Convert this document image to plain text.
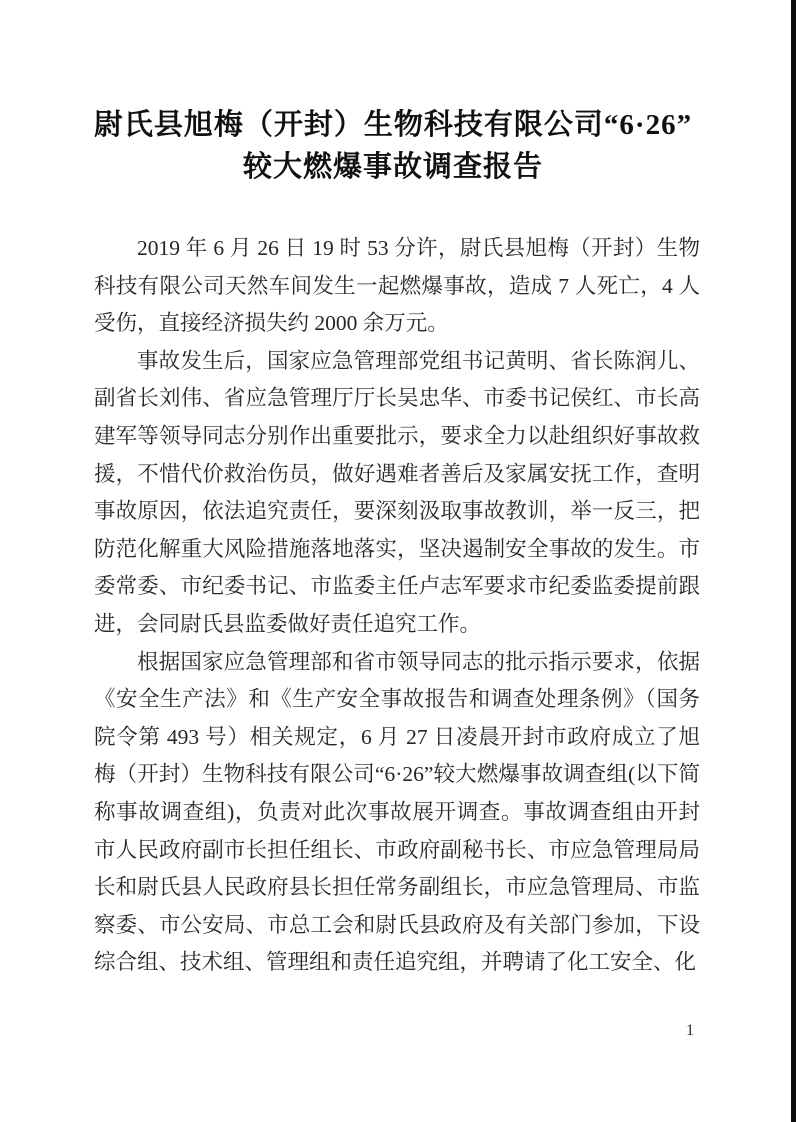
尉氏县旭梅（开封）生物科技有限公司“6·26”
较大燃爆事故调查报告

2019 年 6 月 26 日 19 时 53 分许，尉氏县旭梅（开封）生物科技有限公司天然车间发生一起燃爆事故，造成 7 人死亡，4 人受伤，直接经济损失约 2000 余万元。

事故发生后，国家应急管理部党组书记黄明、省长陈润儿、副省长刘伟、省应急管理厅厅长吴忠华、市委书记侯红、市长高建军等领导同志分别作出重要批示，要求全力以赴组织好事故救援，不惜代价救治伤员，做好遇难者善后及家属安抚工作，查明事故原因，依法追究责任，要深刻汲取事故教训，举一反三，把防范化解重大风险措施落地落实，坚决遏制安全事故的发生。市委常委、市纪委书记、市监委主任卢志军要求市纪委监委提前跟进，会同尉氏县监委做好责任追究工作。

根据国家应急管理部和省市领导同志的批示指示要求，依据《安全生产法》和《生产安全事故报告和调查处理条例》（国务院令第 493 号）相关规定，6 月 27 日凌晨开封市政府成立了旭梅（开封）生物科技有限公司“6·26”较大燃爆事故调查组(以下简称事故调查组)，负责对此次事故展开调查。事故调查组由开封市人民政府副市长担任组长、市政府副秘书长、市应急管理局局长和尉氏县人民政府县长担任常务副组长，市应急管理局、市监察委、市公安局、市总工会和尉氏县政府及有关部门参加，下设综合组、技术组、管理组和责任追究组，并聘请了化工安全、化

1
